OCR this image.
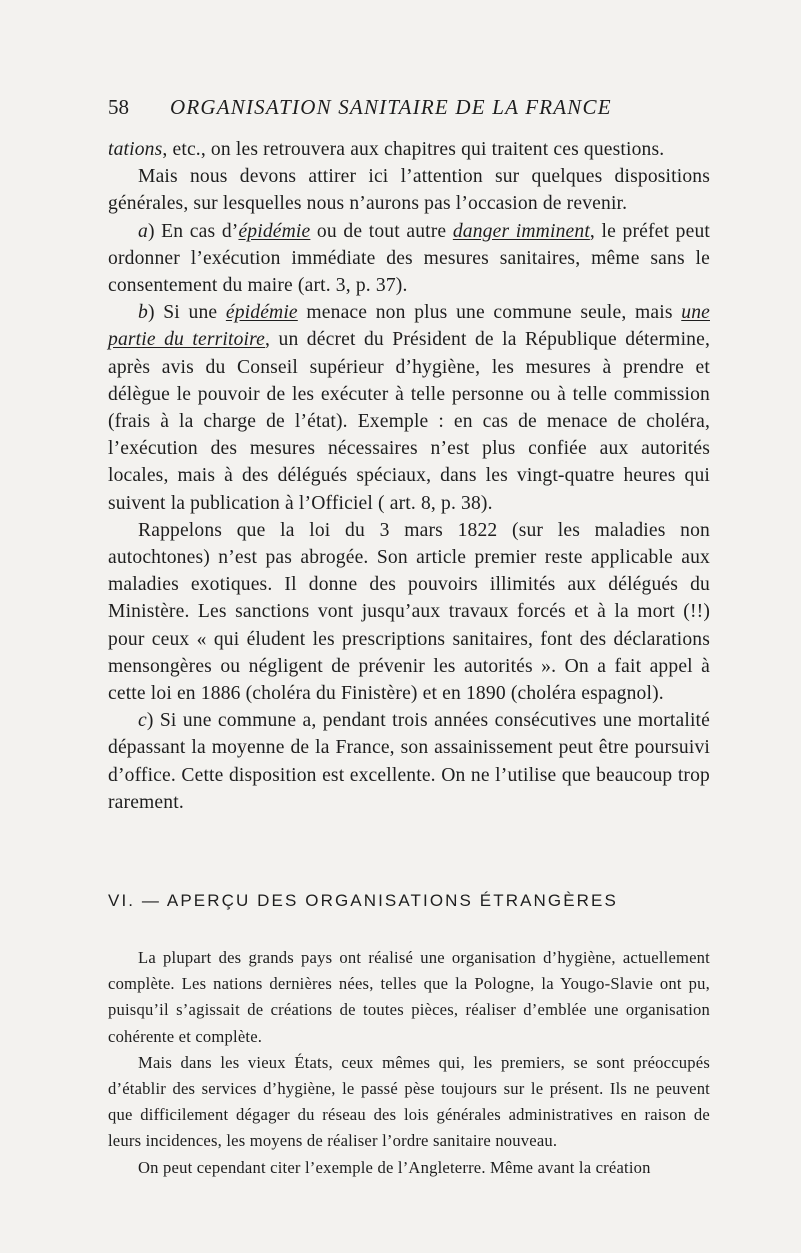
58 ORGANISATION SANITAIRE DE LA FRANCE

tations, etc., on les retrouvera aux chapitres qui traitent ces questions.

Mais nous devons attirer ici l’attention sur quelques dispositions générales, sur lesquelles nous n’aurons pas l’occasion de revenir.

a) En cas d’épidémie ou de tout autre danger imminent, le préfet peut ordonner l’exécution immédiate des mesures sanitaires, même sans le consentement du maire (art. 3, p. 37).

b) Si une épidémie menace non plus une commune seule, mais une partie du territoire, un décret du Président de la République détermine, après avis du Conseil supérieur d’hygiène, les mesures à prendre et délègue le pouvoir de les exécuter à telle personne ou à telle commission (frais à la charge de l’état). Exemple : en cas de menace de choléra, l’exécution des mesures nécessaires n’est plus confiée aux autorités locales, mais à des délégués spéciaux, dans les vingt-quatre heures qui suivent la publication à l’Officiel ( art. 8, p. 38).

Rappelons que la loi du 3 mars 1822 (sur les maladies non autochtones) n’est pas abrogée. Son article premier reste applicable aux maladies exotiques. Il donne des pouvoirs illimités aux délégués du Ministère. Les sanctions vont jusqu’aux travaux forcés et à la mort (!!) pour ceux « qui éludent les prescriptions sanitaires, font des déclarations mensongères ou négligent de prévenir les autorités ». On a fait appel à cette loi en 1886 (choléra du Finistère) et en 1890 (choléra espagnol).

c) Si une commune a, pendant trois années consécutives une mortalité dépassant la moyenne de la France, son assainissement peut être poursuivi d’office. Cette disposition est excellente. On ne l’utilise que beaucoup trop rarement.

VI. — APERÇU DES ORGANISATIONS ÉTRANGÈRES

La plupart des grands pays ont réalisé une organisation d’hygiène, actuellement complète. Les nations dernières nées, telles que la Pologne, la Yougo-Slavie ont pu, puisqu’il s’agissait de créations de toutes pièces, réaliser d’emblée une organisation cohérente et complète.

Mais dans les vieux États, ceux mêmes qui, les premiers, se sont préoccupés d’établir des services d’hygiène, le passé pèse toujours sur le présent. Ils ne peuvent que difficilement dégager du réseau des lois générales administratives en raison de leurs incidences, les moyens de réaliser l’ordre sanitaire nouveau.

On peut cependant citer l’exemple de l’Angleterre. Même avant la création
